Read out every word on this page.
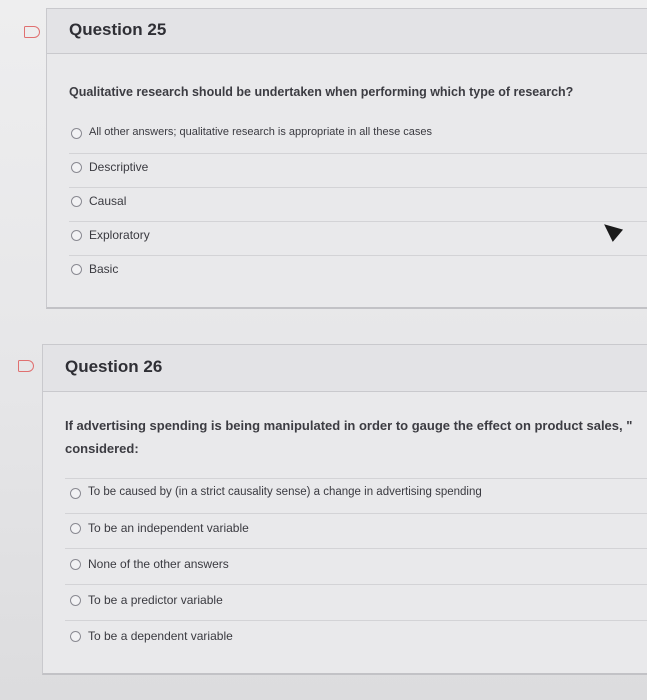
Question 25
Qualitative research should be undertaken when performing which type of research?
All other answers; qualitative research is appropriate in all these cases
Descriptive
Causal
Exploratory
Basic
Question 26
If advertising spending is being manipulated in order to gauge the effect on product sales, "
considered:
To be caused by (in a strict causality sense) a change in advertising spending
To be an independent variable
None of the other answers
To be a predictor variable
To be a dependent variable
